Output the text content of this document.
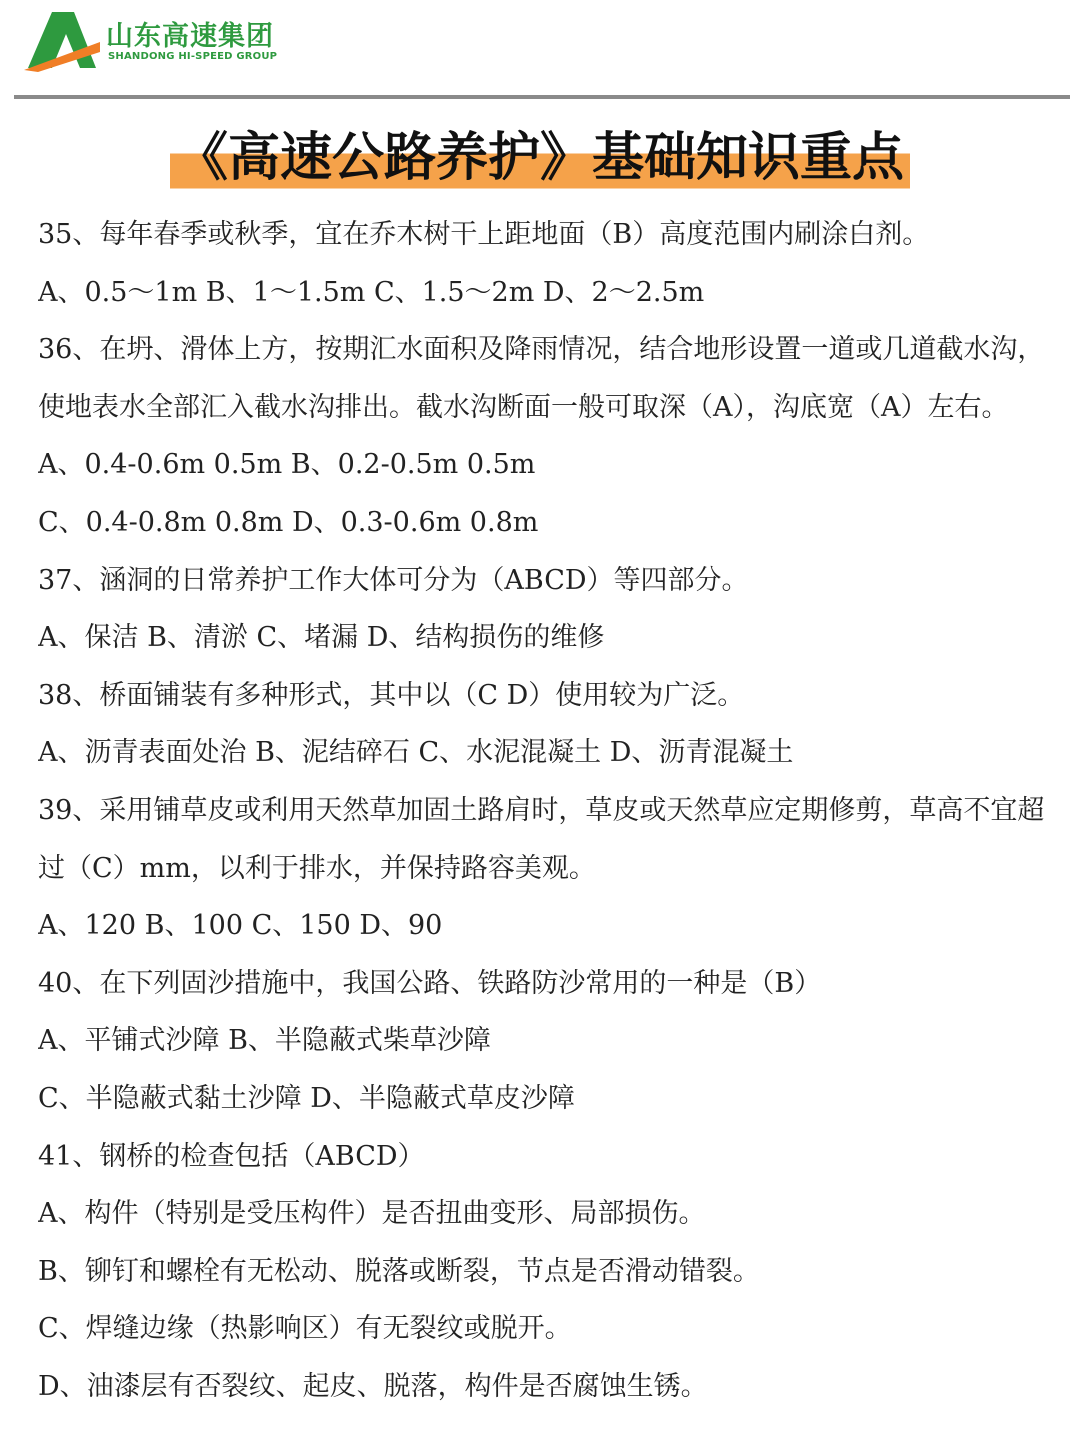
山东高速集团
SHANDONG HI-SPEED GROUP
《高速公路养护》基础知识重点

35、每年春季或秋季，宜在乔木树干上距地面（B）高度范围内刷涂白剂。

A、0.5～1m B、1～1.5m C、1.5～2m D、2～2.5m

36、在坍、滑体上方，按期汇水面积及降雨情况，结合地形设置一道或几道截水沟，使地表水全部汇入截水沟排出。截水沟断面一般可取深（A），沟底宽（A）左右。

A、0.4-0.6m 0.5m B、0.2-0.5m 0.5m

C、0.4-0.8m 0.8m D、0.3-0.6m 0.8m

37、涵洞的日常养护工作大体可分为（ABCD）等四部分。

A、保洁 B、清淤 C、堵漏 D、结构损伤的维修

38、桥面铺装有多种形式，其中以（C D）使用较为广泛。

A、沥青表面处治 B、泥结碎石 C、水泥混凝土 D、沥青混凝土

39、采用铺草皮或利用天然草加固土路肩时，草皮或天然草应定期修剪，草高不宜超过（C）mm，以利于排水，并保持路容美观。

A、120 B、100 C、150 D、90

40、在下列固沙措施中，我国公路、铁路防沙常用的一种是（B）

A、平铺式沙障 B、半隐蔽式柴草沙障

C、半隐蔽式黏土沙障 D、半隐蔽式草皮沙障

41、钢桥的检查包括（ABCD）

A、构件（特别是受压构件）是否扭曲变形、局部损伤。

B、铆钉和螺栓有无松动、脱落或断裂，节点是否滑动错裂。

C、焊缝边缘（热影响区）有无裂纹或脱开。

D、油漆层有否裂纹、起皮、脱落，构件是否腐蚀生锈。
